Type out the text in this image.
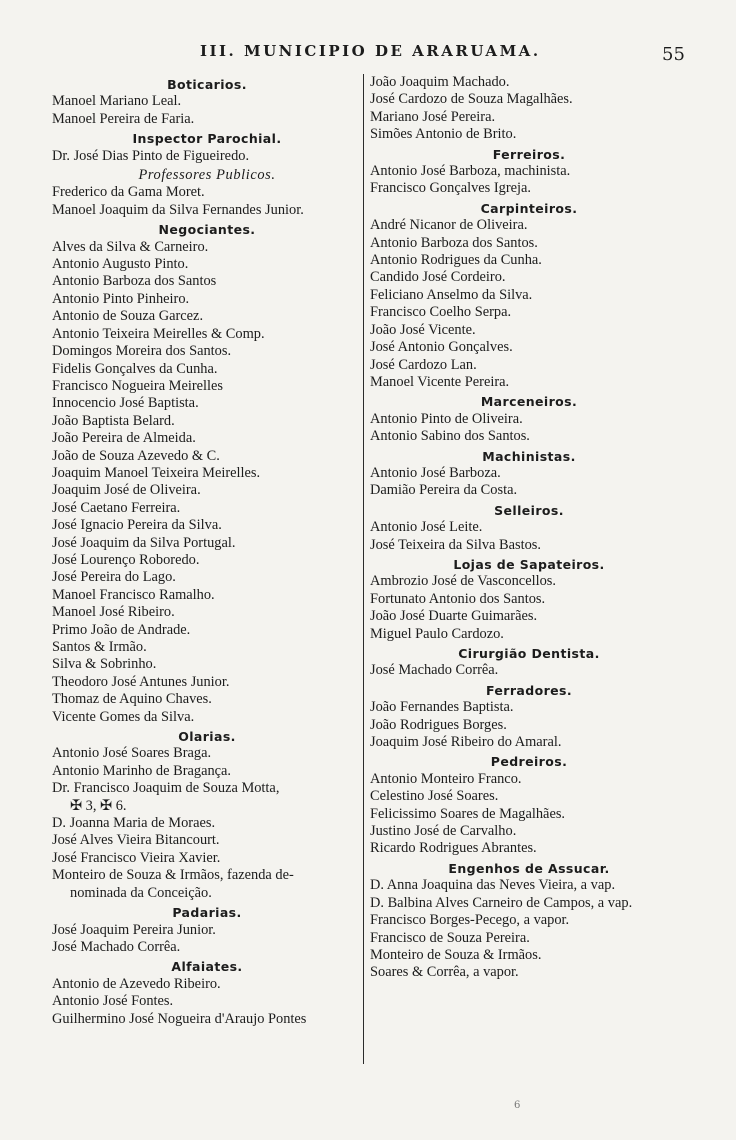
III. MUNICIPIO DE ARARUAMA.	55
Boticarios.
Manoel Mariano Leal.
Manoel Pereira de Faria.
Inspector Parochial.
Dr. José Dias Pinto de Figueiredo.
Professores Publicos.
Frederico da Gama Moret.
Manoel Joaquim da Silva Fernandes Junior.
Negociantes.
Alves da Silva & Carneiro.
Antonio Augusto Pinto.
Antonio Barboza dos Santos
Antonio Pinto Pinheiro.
Antonio de Souza Garcez.
Antonio Teixeira Meirelles & Comp.
Domingos Moreira dos Santos.
Fidelis Gonçalves da Cunha.
Francisco Nogueira Meirelles
Innocencio José Baptista.
João Baptista Belard.
João Pereira de Almeida.
João de Souza Azevedo & C.
Joaquim Manoel Teixeira Meirelles.
Joaquim José de Oliveira.
José Caetano Ferreira.
José Ignacio Pereira da Silva.
José Joaquim da Silva Portugal.
José Lourenço Roboredo.
José Pereira do Lago.
Manoel Francisco Ramalho.
Manoel José Ribeiro.
Primo João de Andrade.
Santos & Irmão.
Silva & Sobrinho.
Theodoro José Antunes Junior.
Thomaz de Aquino Chaves.
Vicente Gomes da Silva.
Olarias.
Antonio José Soares Braga.
Antonio Marinho de Bragança.
Dr. Francisco Joaquim de Souza Motta,
✠ 3, ✠ 6.
D. Joanna Maria de Moraes.
José Alves Vieira Bitancourt.
José Francisco Vieira Xavier.
Monteiro de Souza & Irmãos, fazenda de-
nominada da Conceição.
Padarias.
José Joaquim Pereira Junior.
José Machado Corrêa.
Alfaiates.
Antonio de Azevedo Ribeiro.
Antonio José Fontes.
Guilhermino José Nogueira d'Araujo Pontes
João Joaquim Machado.
José Cardozo de Souza Magalhães.
Mariano José Pereira.
Simões Antonio de Brito.
Ferreiros.
Antonio José Barboza, machinista.
Francisco Gonçalves Igreja.
Carpinteiros.
André Nicanor de Oliveira.
Antonio Barboza dos Santos.
Antonio Rodrigues da Cunha.
Candido José Cordeiro.
Feliciano Anselmo da Silva.
Francisco Coelho Serpa.
João José Vicente.
José Antonio Gonçalves.
José Cardozo Lan.
Manoel Vicente Pereira.
Marceneiros.
Antonio Pinto de Oliveira.
Antonio Sabino dos Santos.
Machinistas.
Antonio José Barboza.
Damião Pereira da Costa.
Selleiros.
Antonio José Leite.
José Teixeira da Silva Bastos.
Lojas de Sapateiros.
Ambrozio José de Vasconcellos.
Fortunato Antonio dos Santos.
João José Duarte Guimarães.
Miguel Paulo Cardozo.
Cirurgião Dentista.
José Machado Corrêa.
Ferradores.
João Fernandes Baptista.
João Rodrigues Borges.
Joaquim José Ribeiro do Amaral.
Pedreiros.
Antonio Monteiro Franco.
Celestino José Soares.
Felicissimo Soares de Magalhães.
Justino José de Carvalho.
Ricardo Rodrigues Abrantes.
Engenhos de Assucar.
D. Anna Joaquina das Neves Vieira, a vap.
D. Balbina Alves Carneiro de Campos, a vap.
Francisco Borges-Pecego, a vapor.
Francisco de Souza Pereira.
Monteiro de Souza & Irmãos.
Soares & Corrêa, a vapor.
6
